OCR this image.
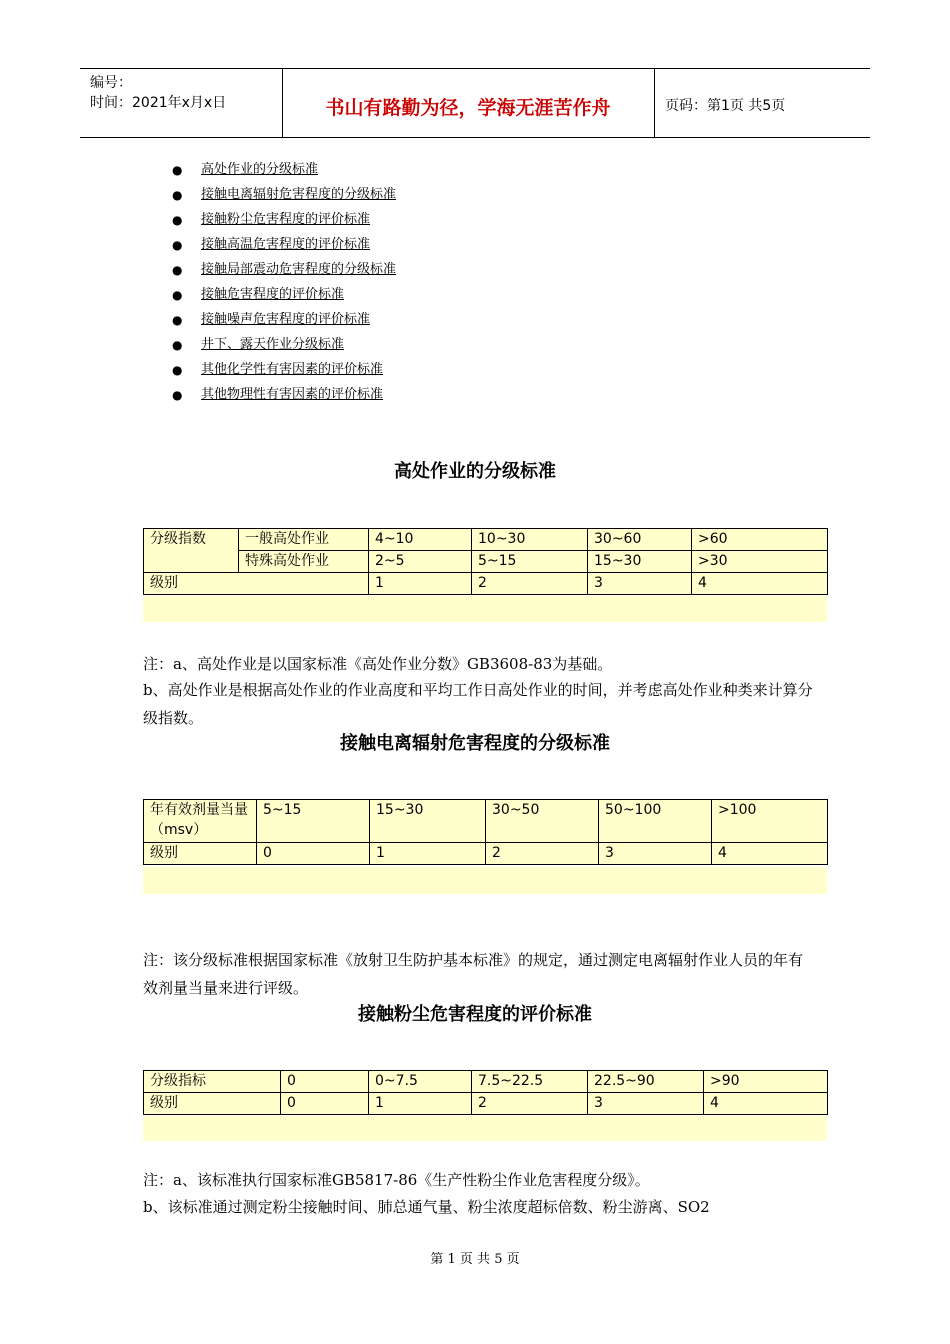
编号：
时间：2021年x月x日	书山有路勤为径，学海无涯苦作舟	页码：第1页 共5页
● 高处作业的分级标准
● 接触电离辐射危害程度的分级标准
● 接触粉尘危害程度的评价标准
● 接触高温危害程度的评价标准
● 接触局部震动危害程度的分级标准
● 接触危害程度的评价标准
● 接触噪声危害程度的评价标准
● 井下、露天作业分级标准
● 其他化学性有害因素的评价标准
● 其他物理性有害因素的评价标准
高处作业的分级标准
分级指数	一般高处作业	4~10	10~30	30~60	>60
	特殊高处作业	2~5	5~15	15~30	>30
级别		1	2	3	4
注：a、高处作业是以国家标准《高处作业分数》GB3608-83为基础。
b、高处作业是根据高处作业的作业高度和平均工作日高处作业的时间，并考虑高处作业种类来计算分级指数。
接触电离辐射危害程度的分级标准
年有效剂量当量（msv）	5~15	15~30	30~50	50~100	>100
级别	0	1	2	3	4
注：该分级标准根据国家标准《放射卫生防护基本标准》的规定，通过测定电离辐射作业人员的年有效剂量当量来进行评级。
接触粉尘危害程度的评价标准
分级指标	0	0~7.5	7.5~22.5	22.5~90	>90
级别	0	1	2	3	4
注：a、该标准执行国家标准GB5817-86《生产性粉尘作业危害程度分级》。
b、该标准通过测定粉尘接触时间、肺总通气量、粉尘浓度超标倍数、粉尘游离、SO2
第 1 页 共 5 页
